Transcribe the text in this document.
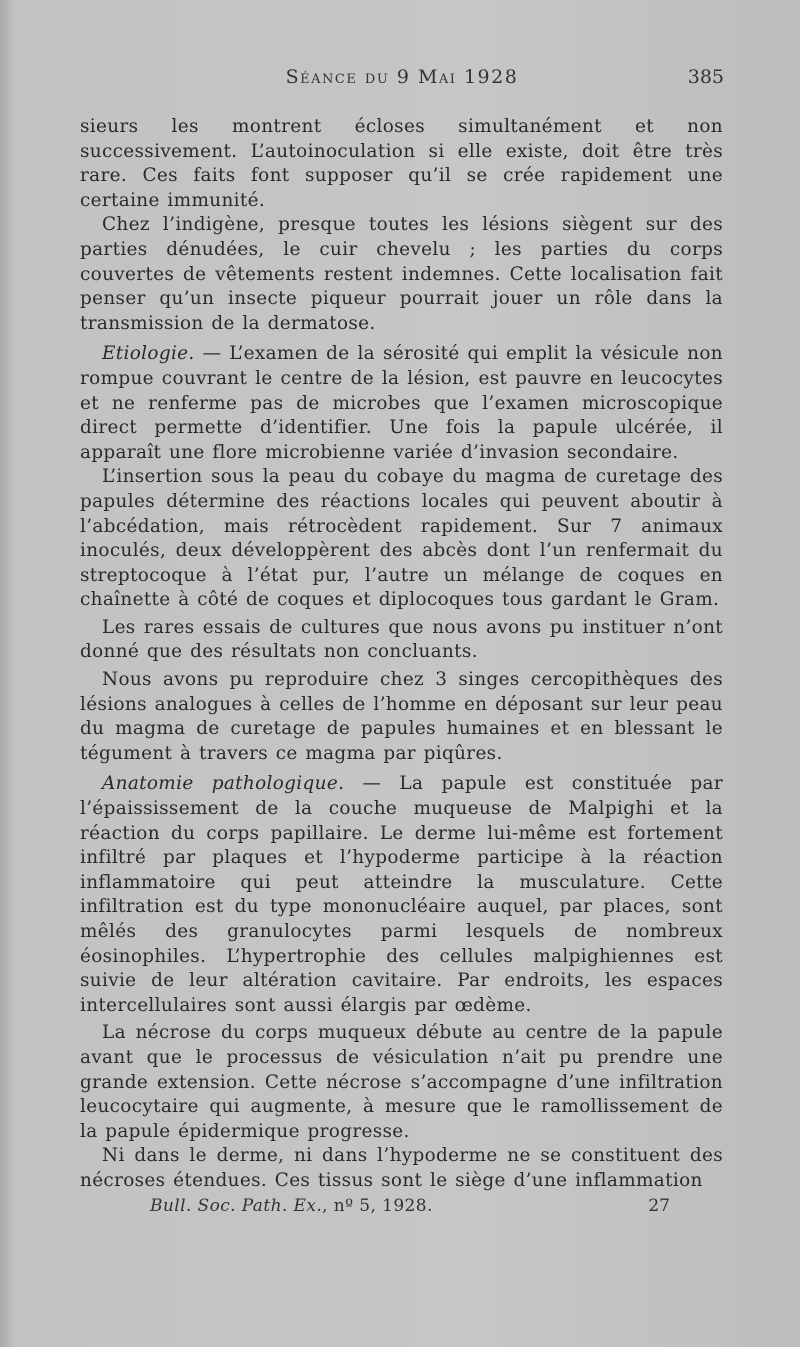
Séance du 9 Mai 1928	385

sieurs les montrent écloses simultanément et non successivement. L’autoinoculation si elle existe, doit être très rare. Ces faits font supposer qu’il se crée rapidement une certaine immunité.

Chez l’indigène, presque toutes les lésions siègent sur des parties dénudées, le cuir chevelu ; les parties du corps couvertes de vêtements restent indemnes. Cette localisation fait penser qu’un insecte piqueur pourrait jouer un rôle dans la transmission de la dermatose.

Etiologie. — L’examen de la sérosité qui emplit la vésicule non rompue couvrant le centre de la lésion, est pauvre en leucocytes et ne renferme pas de microbes que l’examen microscopique direct permette d’identifier. Une fois la papule ulcérée, il apparaît une flore microbienne variée d’invasion secondaire.

L’insertion sous la peau du cobaye du magma de curetage des papules détermine des réactions locales qui peuvent aboutir à l’abcédation, mais rétrocèdent rapidement. Sur 7 animaux inoculés, deux développèrent des abcès dont l’un renfermait du streptocoque à l’état pur, l’autre un mélange de coques en chaînette à côté de coques et diplocoques tous gardant le Gram.

Les rares essais de cultures que nous avons pu instituer n’ont donné que des résultats non concluants.

Nous avons pu reproduire chez 3 singes cercopithèques des lésions analogues à celles de l’homme en déposant sur leur peau du magma de curetage de papules humaines et en blessant le tégument à travers ce magma par piqûres.

Anatomie pathologique. — La papule est constituée par l’épaississement de la couche muqueuse de Malpighi et la réaction du corps papillaire. Le derme lui-même est fortement infiltré par plaques et l’hypoderme participe à la réaction inflammatoire qui peut atteindre la musculature. Cette infiltration est du type mononucléaire auquel, par places, sont mêlés des granulocytes parmi lesquels de nombreux éosinophiles. L’hypertrophie des cellules malpighiennes est suivie de leur altération cavitaire. Par endroits, les espaces intercellulaires sont aussi élargis par œdème.

La nécrose du corps muqueux débute au centre de la papule avant que le processus de vésiculation n’ait pu prendre une grande extension. Cette nécrose s’accompagne d’une infiltration leucocytaire qui augmente, à mesure que le ramollissement de la papule épidermique progresse.

Ni dans le derme, ni dans l’hypoderme ne se constituent des nécroses étendues. Ces tissus sont le siège d’une inflammation

Bull. Soc. Path. Ex., nº 5, 1928.	27
